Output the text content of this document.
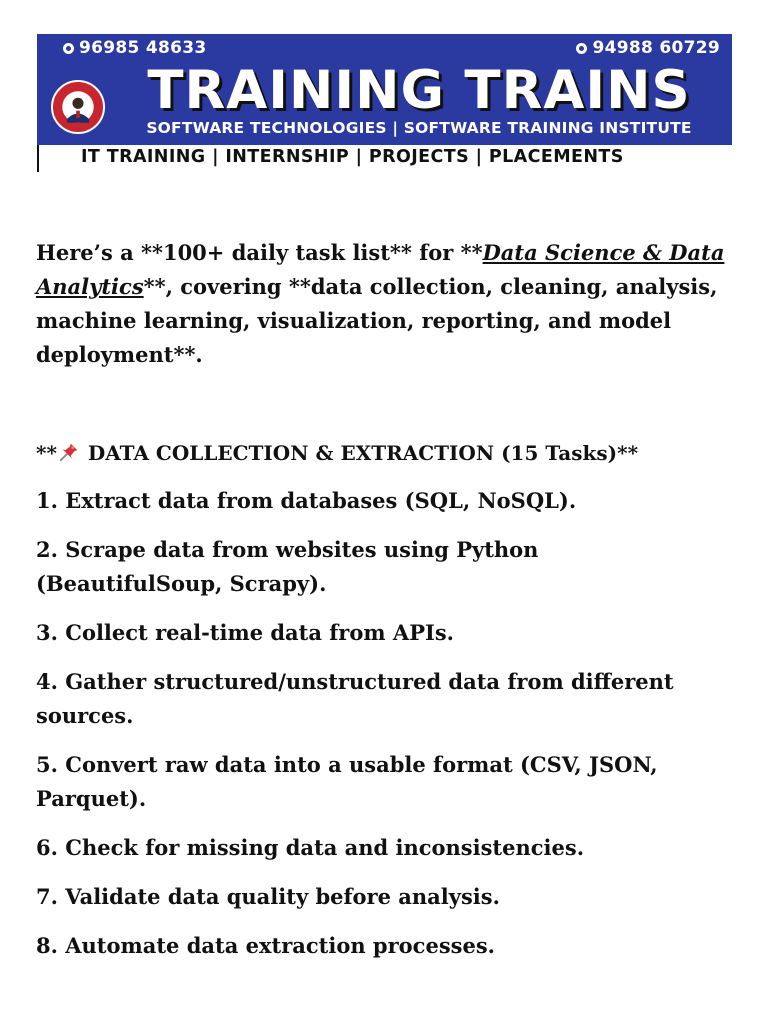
96985 48633	94988 60729
TRAINING TRAINS
SOFTWARE TECHNOLOGIES | SOFTWARE TRAINING INSTITUTE
IT TRAINING | INTERNSHIP | PROJECTS | PLACEMENTS

Here’s a **100+ daily task list** for **Data Science & Data Analytics**, covering **data collection, cleaning, analysis, machine learning, visualization, reporting, and model deployment**.

** DATA COLLECTION & EXTRACTION (15 Tasks)**
1. Extract data from databases (SQL, NoSQL).
2. Scrape data from websites using Python (BeautifulSoup, Scrapy).
3. Collect real-time data from APIs.
4. Gather structured/unstructured data from different sources.
5. Convert raw data into a usable format (CSV, JSON, Parquet).
6. Check for missing data and inconsistencies.
7. Validate data quality before analysis.
8. Automate data extraction processes.
